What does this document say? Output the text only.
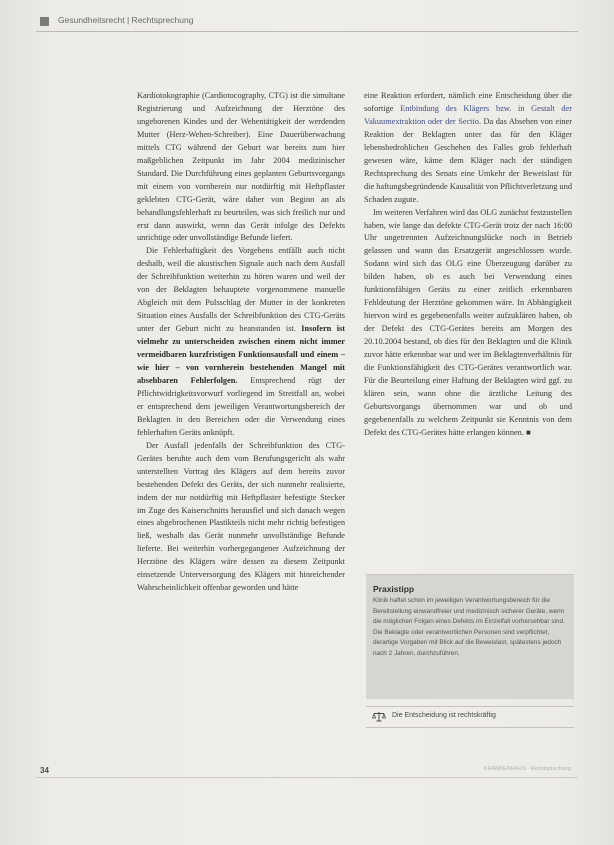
Gesundheitsrecht | Rechtsprechung

Kardiotokographie (Cardiotocography, CTG) ist die simultane Registrierung und Aufzeichnung der Herztöne des ungeborenen Kindes und der Wehentätigkeit der werdenden Mutter (Herz-Wehen-Schreiber). Eine Dauerüberwachung mittels CTG während der Geburt war bereits zum hier maßgeblichen Zeitpunkt im Jahr 2004 medizinischer Standard. Die Durchführung eines geplanten Geburtsvorgangs mit einem von vornherein nur notdürftig mit Heftpflaster geklebten CTG-Gerät, wäre daher von Beginn an als behandlungsfehlerhaft zu beurteilen, was sich freilich nur und erst dann auswirkt, wenn das Gerät infolge des Defekts unrichtige oder unvollständige Befunde liefert.

Die Fehlerhaftigkeit des Vorgehens entfällt auch nicht deshalb, weil die akustischen Signale auch nach dem Ausfall der Schreibfunktion weiterhin zu hören waren und weil der von der Beklagten behauptete vorgenommene manuelle Abgleich mit dem Pulsschlag der Mutter in der konkreten Situation eines Ausfalls der Schreibfunktion des CTG-Geräts unter der Geburt nicht zu beanstanden ist. Insofern ist vielmehr zu unterscheiden zwischen einem nicht immer vermeidbaren kurzfristigen Funktionsausfall und einem – wie hier – von vornherein bestehenden Mangel mit absehbaren Fehlerfolgen. Entsprechend rügt der Pflichtwidrigkeitsvorwurf vorliegend im Streitfall an, wobei er entsprechend dem jeweiligen Verantwortungsbereich der Beklagten in den Bereichen oder die Verwendung eines fehlerhaften Geräts anknüpft.

Der Ausfall jedenfalls der Schreibfunktion des CTG-Gerätes beruhte auch dem vom Berufungsgericht als wahr unterstellten Vortrag des Klägers auf dem bereits zuvor bestehenden Defekt des Geräts, der sich nunmehr realisierte, indem der nur notdürftig mit Heftpflaster befestigte Stecker im Zuge des Kaiserschnitts herausfiel und sich danach wegen eines abgebrochenen Plastikteils nicht mehr richtig befestigen ließ, weshalb das Gerät nunmehr unvollständige Befunde lieferte. Bei weiterhin vorhergegangener Aufzeichnung der Herztöne des Klägers wäre dessen zu diesem Zeitpunkt einsetzende Unterversorgung des Klägers mit hinreichender Wahrscheinlichkeit offenbar geworden und hätte

eine Reaktion erfordert, nämlich eine Entscheidung über die sofortige Entbindung des Klägers bzw. in Gestalt der Vakuumextraktion oder der Sectio. Da das Absehen von einer Reaktion der Beklagten unter das für den Kläger lebensbedrohlichen Geschehen des Falles grob fehlerhaft gewesen wäre, käme dem Kläger nach der ständigen Rechtsprechung des Senats eine Umkehr der Beweislast für die haftungsbegründende Kausalität von Pflichtverletzung und Schaden zugute.

Im weiteren Verfahren wird das OLG zunächst festzustellen haben, wie lange das defekte CTG-Gerät trotz der nach 16:00 Uhr ungetrennten Aufzeichnungslücke noch in Betrieb gelassen und wann das Ersatzgerät angeschlossen wurde. Sodann wird sich das OLG eine Überzeugung darüber zu bilden haben, ob es auch bei Verwendung eines funktionsfähigen Geräts zu einer zeitlich erkennbaren Fehldeutung der Herztöne gekommen wäre. In Abhängigkeit hiervon wird es gegebenenfalls weiter aufzuklären haben, ob der Defekt des CTG-Gerätes bereits am Morgen des 20.10.2004 bestand, ob dies für den Beklagten und die Klinik zuvor hätte erkennbar war und wer im Beklagtenverhältnis für die Funktionsfähigkeit des CTG-Gerätes verantwortlich war. Für die Beurteilung einer Haftung der Beklagten wird ggf. zu klären sein, wann ohne die ärztliche Leitung des Geburtsvorgangs übernommen war und ob und gegebenenfalls zu welchem Zeitpunkt sie Kenntnis von dem Defekt des CTG-Gerätes hätte erlangen können. ■

Praxistipp
Klinik haftet schon im jeweiligen Verantwortungsbereich für die Bereitstellung einwandfreier und medizinisch sicherer Geräte, wenn die möglichen Folgen eines Defekts im Einzelfall vorhersehbar sind. Die Beklagte oder verantwortlichen Personen sind verpflichtet, derartige Vorgaben mit Blick auf die Beweislast, spätestens jedoch nach 2 Jahren, durchzuführen.
Die Entscheidung ist rechtskräftig
34	KRANKENHAUS · Rechtsprechung
